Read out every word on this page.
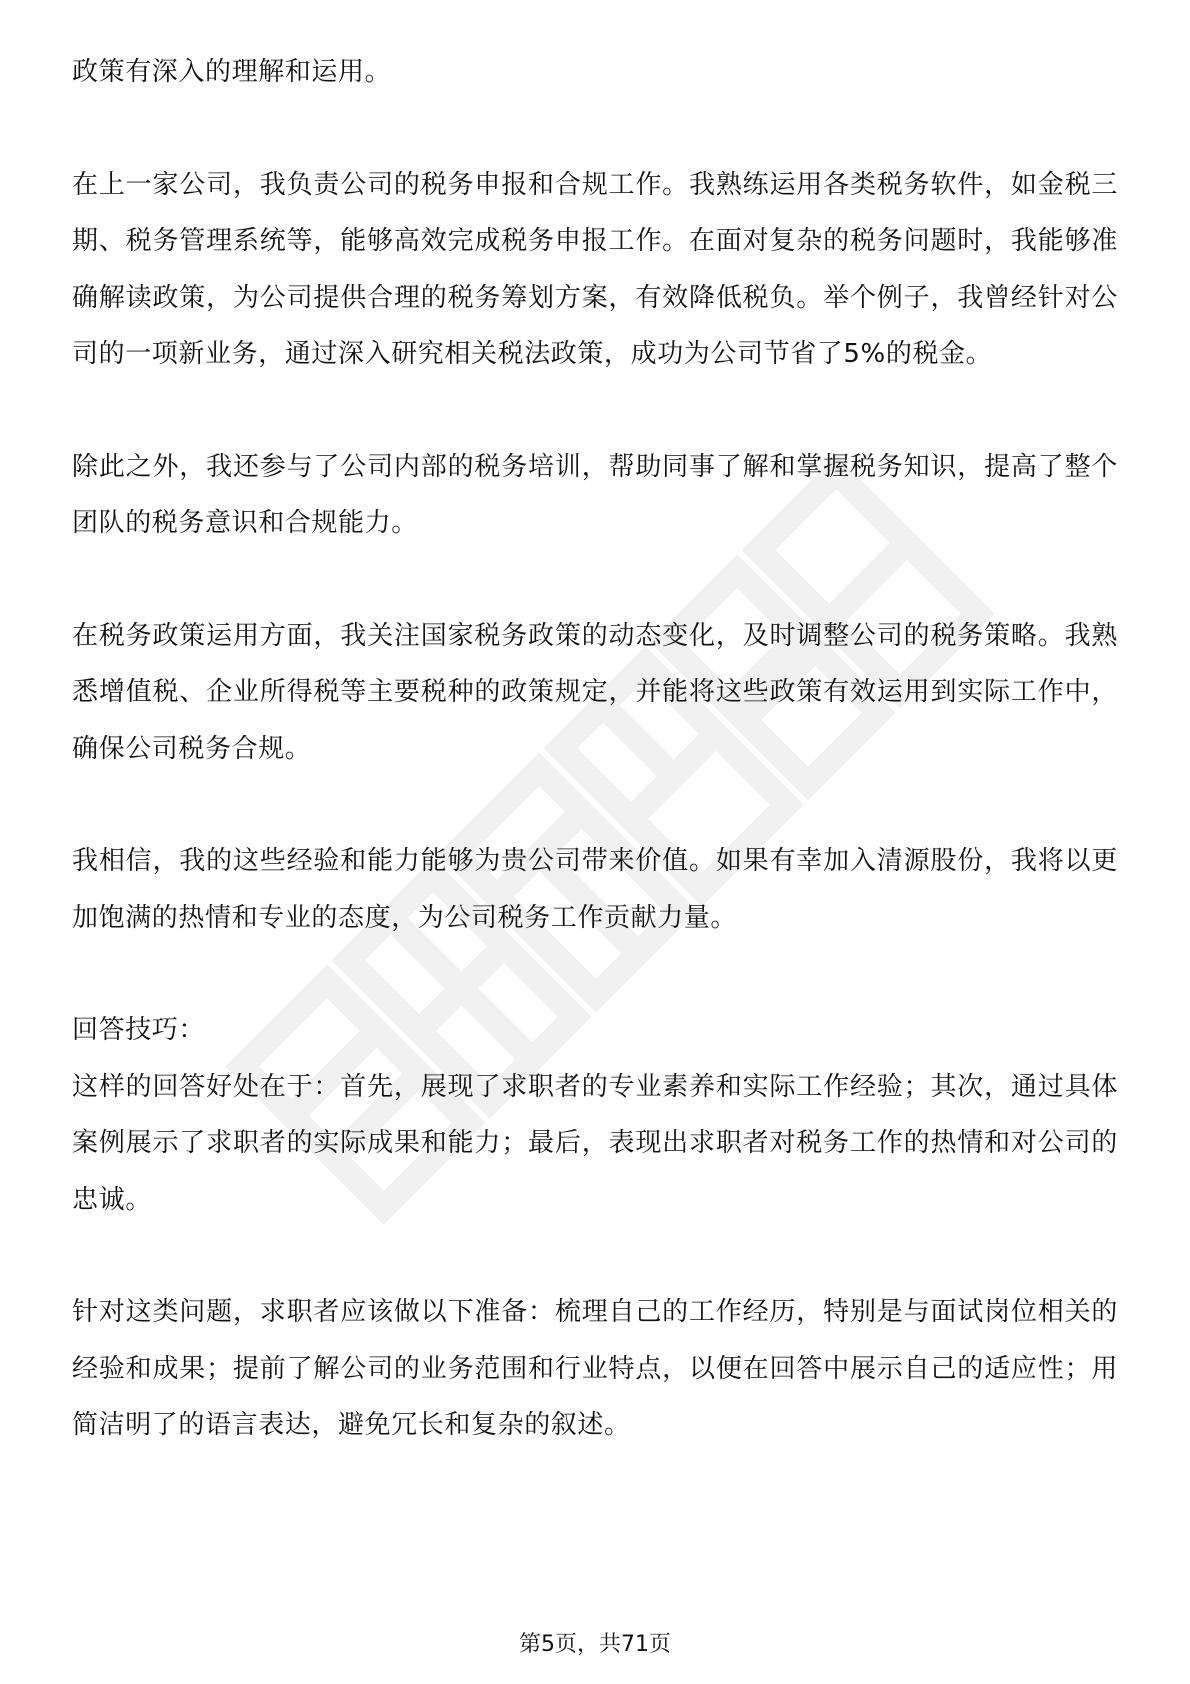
政策有深入的理解和运用。

在上一家公司，我负责公司的税务申报和合规工作。我熟练运用各类税务软件，如金税三期、税务管理系统等，能够高效完成税务申报工作。在面对复杂的税务问题时，我能够准确解读政策，为公司提供合理的税务筹划方案，有效降低税负。举个例子，我曾经针对公司的一项新业务，通过深入研究相关税法政策，成功为公司节省了5%的税金。

除此之外，我还参与了公司内部的税务培训，帮助同事了解和掌握税务知识，提高了整个团队的税务意识和合规能力。

在税务政策运用方面，我关注国家税务政策的动态变化，及时调整公司的税务策略。我熟悉增值税、企业所得税等主要税种的政策规定，并能将这些政策有效运用到实际工作中，确保公司税务合规。

我相信，我的这些经验和能力能够为贵公司带来价值。如果有幸加入清源股份，我将以更加饱满的热情和专业的态度，为公司税务工作贡献力量。

回答技巧：

这样的回答好处在于：首先，展现了求职者的专业素养和实际工作经验；其次，通过具体案例展示了求职者的实际成果和能力；最后，表现出求职者对税务工作的热情和对公司的忠诚。

针对这类问题，求职者应该做以下准备：梳理自己的工作经历，特别是与面试岗位相关的经验和成果；提前了解公司的业务范围和行业特点，以便在回答中展示自己的适应性；用简洁明了的语言表达，避免冗长和复杂的叙述。

第5页，共71页
